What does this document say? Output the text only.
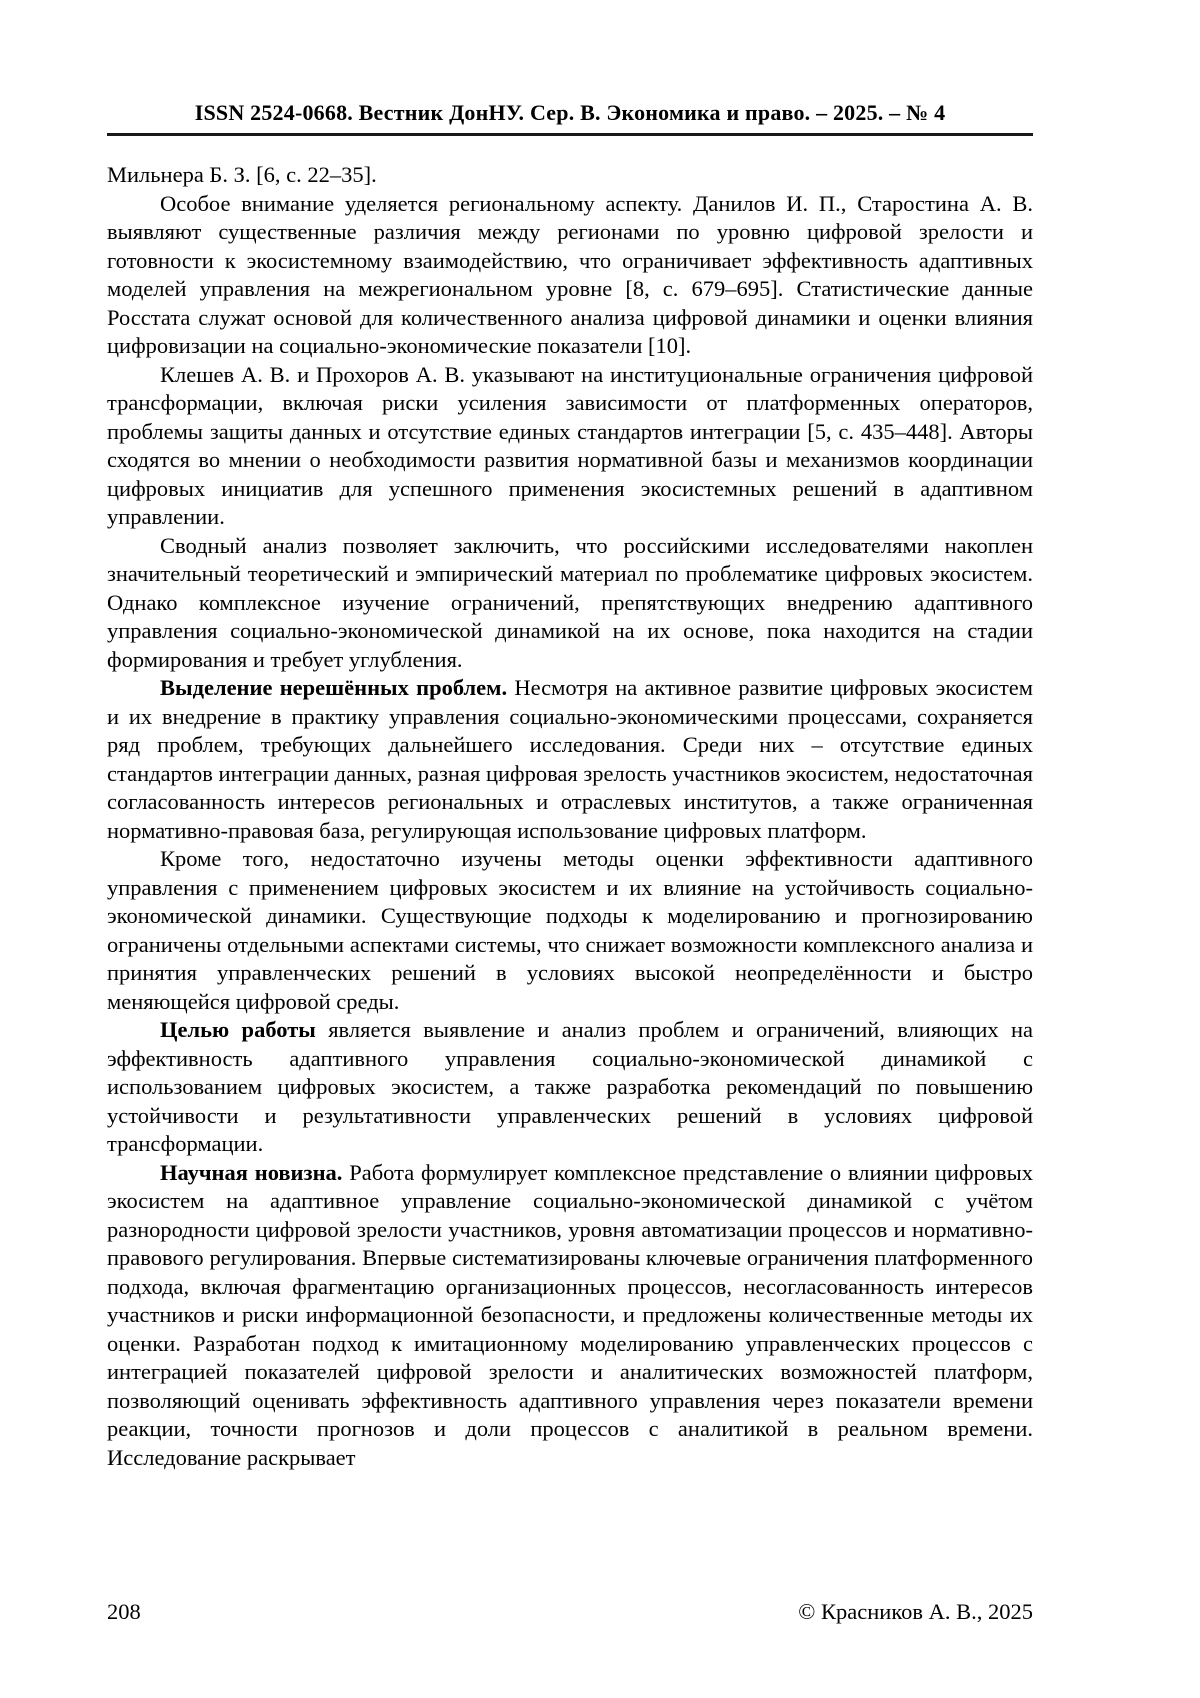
ISSN 2524-0668. Вестник ДонНУ. Сер. В. Экономика и право. – 2025. – № 4

Мильнера Б. З. [6, с. 22–35].

Особое внимание уделяется региональному аспекту. Данилов И. П., Старостина А. В. выявляют существенные различия между регионами по уровню цифровой зрелости и готовности к экосистемному взаимодействию, что ограничивает эффективность адаптивных моделей управления на межрегиональном уровне [8, с. 679–695]. Статистические данные Росстата служат основой для количественного анализа цифровой динамики и оценки влияния цифровизации на социально-экономические показатели [10].

Клешев А. В. и Прохоров А. В. указывают на институциональные ограничения цифровой трансформации, включая риски усиления зависимости от платформенных операторов, проблемы защиты данных и отсутствие единых стандартов интеграции [5, с. 435–448]. Авторы сходятся во мнении о необходимости развития нормативной базы и механизмов координации цифровых инициатив для успешного применения экосистемных решений в адаптивном управлении.

Сводный анализ позволяет заключить, что российскими исследователями накоплен значительный теоретический и эмпирический материал по проблематике цифровых экосистем. Однако комплексное изучение ограничений, препятствующих внедрению адаптивного управления социально-экономической динамикой на их основе, пока находится на стадии формирования и требует углубления.

Выделение нерешённых проблем. Несмотря на активное развитие цифровых экосистем и их внедрение в практику управления социально-экономическими процессами, сохраняется ряд проблем, требующих дальнейшего исследования. Среди них – отсутствие единых стандартов интеграции данных, разная цифровая зрелость участников экосистем, недостаточная согласованность интересов региональных и отраслевых институтов, а также ограниченная нормативно-правовая база, регулирующая использование цифровых платформ.

Кроме того, недостаточно изучены методы оценки эффективности адаптивного управления с применением цифровых экосистем и их влияние на устойчивость социально-экономической динамики. Существующие подходы к моделированию и прогнозированию ограничены отдельными аспектами системы, что снижает возможности комплексного анализа и принятия управленческих решений в условиях высокой неопределённости и быстро меняющейся цифровой среды.

Целью работы является выявление и анализ проблем и ограничений, влияющих на эффективность адаптивного управления социально-экономической динамикой с использованием цифровых экосистем, а также разработка рекомендаций по повышению устойчивости и результативности управленческих решений в условиях цифровой трансформации.

Научная новизна. Работа формулирует комплексное представление о влиянии цифровых экосистем на адаптивное управление социально-экономической динамикой с учётом разнородности цифровой зрелости участников, уровня автоматизации процессов и нормативно-правового регулирования. Впервые систематизированы ключевые ограничения платформенного подхода, включая фрагментацию организационных процессов, несогласованность интересов участников и риски информационной безопасности, и предложены количественные методы их оценки. Разработан подход к имитационному моделированию управленческих процессов с интеграцией показателей цифровой зрелости и аналитических возможностей платформ, позволяющий оценивать эффективность адаптивного управления через показатели времени реакции, точности прогнозов и доли процессов с аналитикой в реальном времени. Исследование раскрывает

208	© Красников А. В., 2025
